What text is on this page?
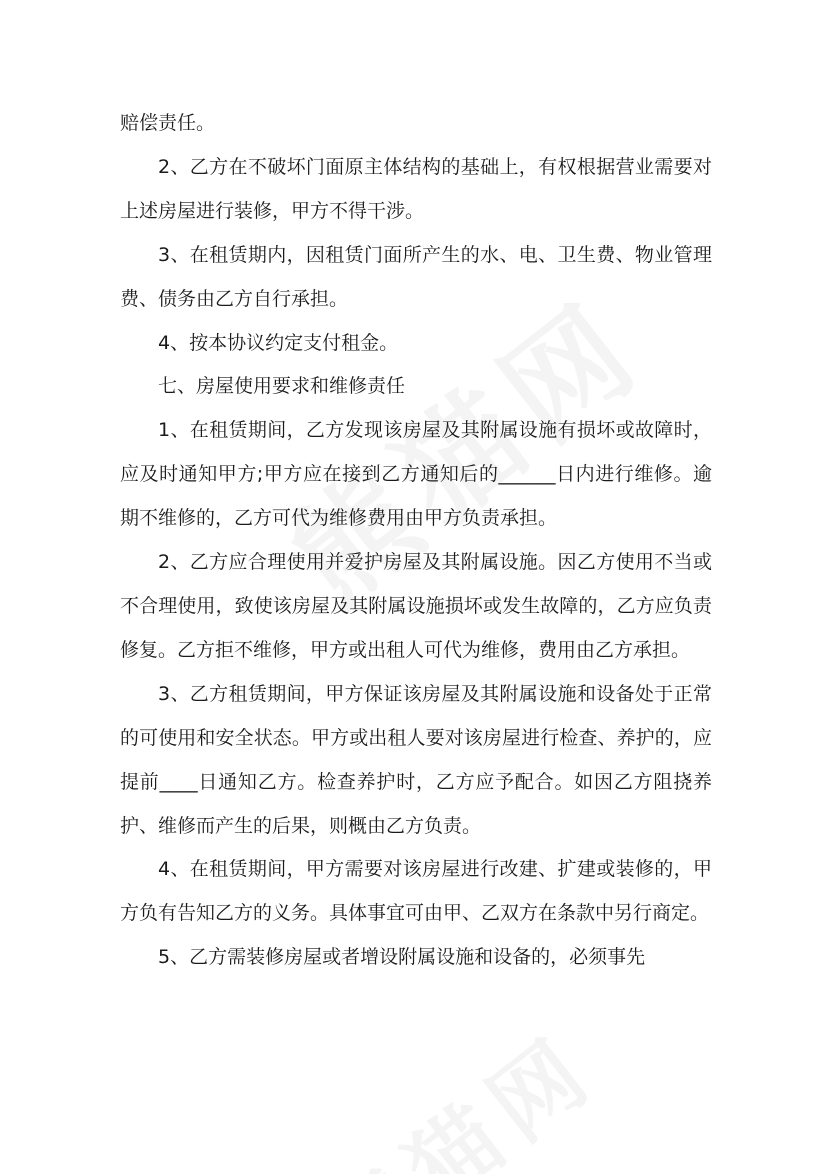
赔偿责任。

2、乙方在不破坏门面原主体结构的基础上，有权根据营业需要对上述房屋进行装修，甲方不得干涉。

3、在租赁期内，因租赁门面所产生的水、电、卫生费、物业管理费、债务由乙方自行承担。

4、按本协议约定支付租金。

七、房屋使用要求和维修责任

1、在租赁期间，乙方发现该房屋及其附属设施有损坏或故障时，应及时通知甲方;甲方应在接到乙方通知后的______日内进行维修。逾期不维修的，乙方可代为维修费用由甲方负责承担。

2、乙方应合理使用并爱护房屋及其附属设施。因乙方使用不当或不合理使用，致使该房屋及其附属设施损坏或发生故障的，乙方应负责修复。乙方拒不维修，甲方或出租人可代为维修，费用由乙方承担。

3、乙方租赁期间，甲方保证该房屋及其附属设施和设备处于正常的可使用和安全状态。甲方或出租人要对该房屋进行检查、养护的，应提前____日通知乙方。检查养护时，乙方应予配合。如因乙方阻挠养护、维修而产生的后果，则概由乙方负责。

4、在租赁期间，甲方需要对该房屋进行改建、扩建或装修的，甲方负有告知乙方的义务。具体事宜可由甲、乙双方在条款中另行商定。

5、乙方需装修房屋或者增设附属设施和设备的，必须事先
